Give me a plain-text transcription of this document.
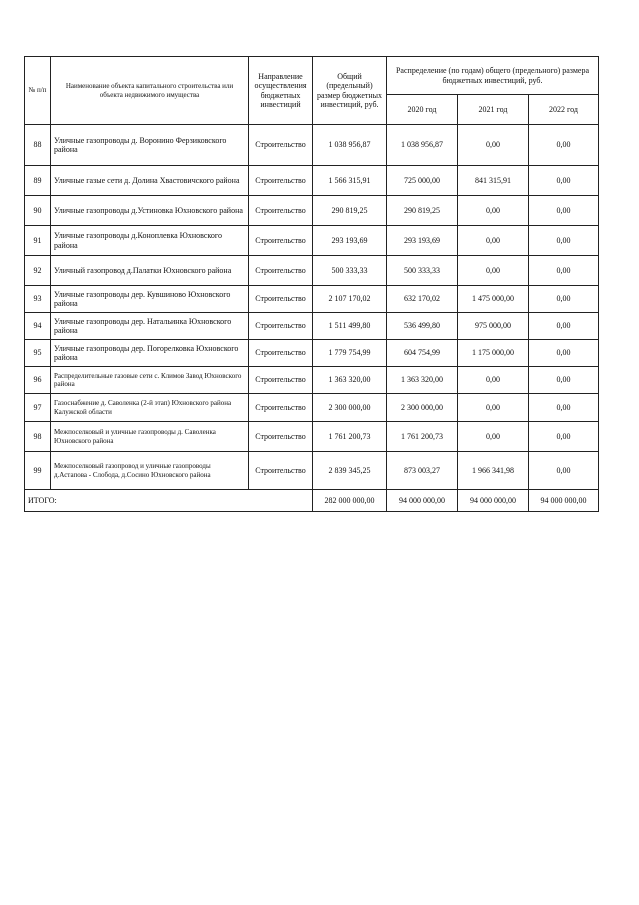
№ п/п	Наименование объекта капитального строительства или объекта недвижимого имущества	Направление осуществления бюджетных инвестиций	Общий (предельный) размер бюджетных инвестиций, руб.	Распределение (по годам) общего (предельного) размера бюджетных инвестиций, руб.		
				2020 год	2021 год	2022 год
88	Уличные газопроводы д. Воронино Ферзиковского района	Строительство	1 038 956,87	1 038 956,87	0,00	0,00
89	Уличные газые сети д. Долина Хвастовичского района	Строительство	1 566 315,91	725 000,00	841 315,91	0,00
90	Уличные газопроводы д.Устиновка Юхновского района	Строительство	290 819,25	290 819,25	0,00	0,00
91	Уличные газопроводы д.Коноплевка Юхновского района	Строительство	293 193,69	293 193,69	0,00	0,00
92	Уличный газопровод д.Палатки Юхновского района	Строительство	500 333,33	500 333,33	0,00	0,00
93	Уличные газопроводы дер. Кувшиново Юхновского района	Строительство	2 107 170,02	632 170,02	1 475 000,00	0,00
94	Уличные газопроводы дер. Натальинка Юхновского района	Строительство	1 511 499,80	536 499,80	975 000,00	0,00
95	Уличные газопроводы дер. Погорелковка Юхновского района	Строительство	1 779 754,99	604 754,99	1 175 000,00	0,00
96	Распределительные газовые сети с. Климов Завод Юхновского района	Строительство	1 363 320,00	1 363 320,00	0,00	0,00
97	Газоснабжение д. Саволенка (2-й этап) Юхновского района Калужской области	Строительство	2 300 000,00	2 300 000,00	0,00	0,00
98	Межпоселковый и уличные газопроводы д. Саволенка Юхновского района	Строительство	1 761 200,73	1 761 200,73	0,00	0,00
99	Межпоселковый газопровод и уличные газопроводы д.Астапова - Слобода, д.Сосино Юхновского района	Строительство	2 839 345,25	873 003,27	1 966 341,98	0,00
ИТОГО:			282 000 000,00	94 000 000,00	94 000 000,00	94 000 000,00
